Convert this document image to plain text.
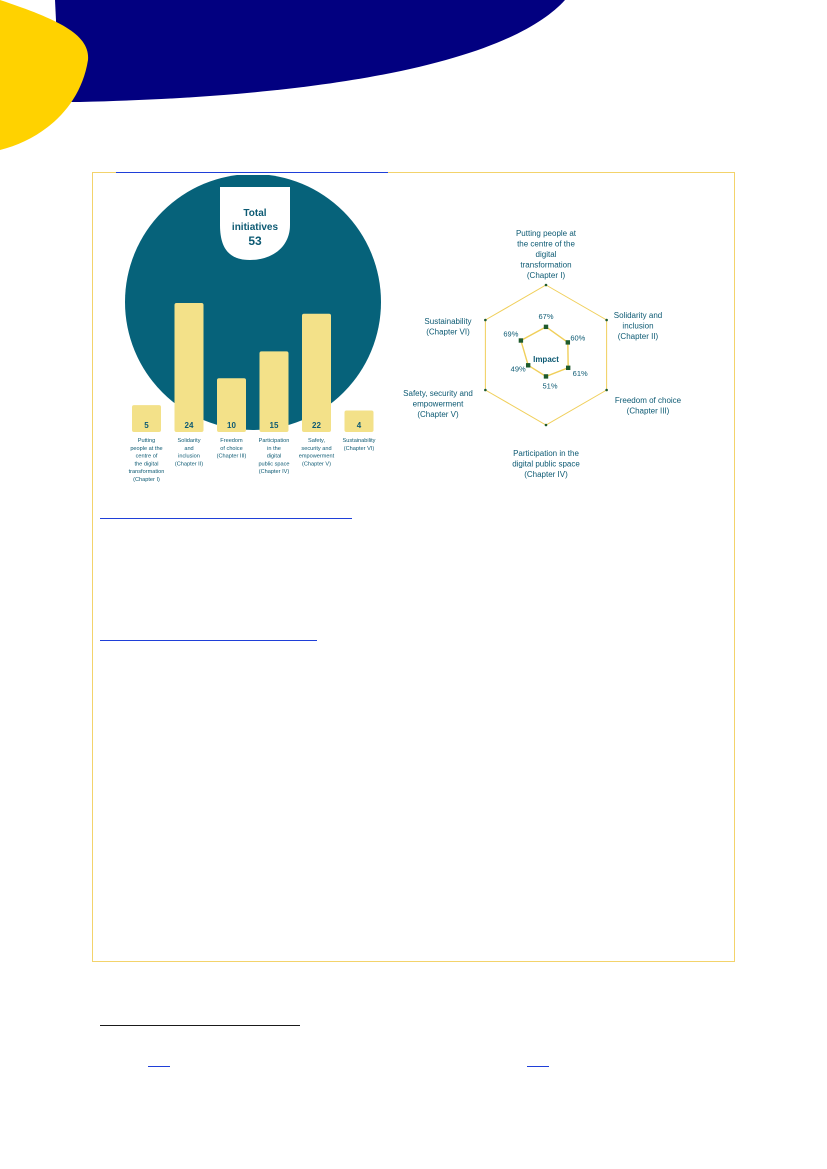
Total
initiatives
53
5
Putting
people at the
centre of
the digital
transformation
(Chapter I)
24
Solidarity
and
inclusion
(Chapter II)
10
Freedom
of choice
(Chapter III)
15
Participation
in the
digital
public space
(Chapter IV)
22
Safety,
security and
empowerment
(Chapter V)
4
Sustainability
(Chapter VI)
67%
60%
61%
51%
49%
69%
Putting people at
the centre of the
digital
transformation
(Chapter I)
Solidarity and
inclusion
(Chapter II)
Freedom of choice
(Chapter III)
Participation in the
digital public space
(Chapter IV)
Safety, security and
empowerment
(Chapter V)
Sustainability
(Chapter VI)
Impact
